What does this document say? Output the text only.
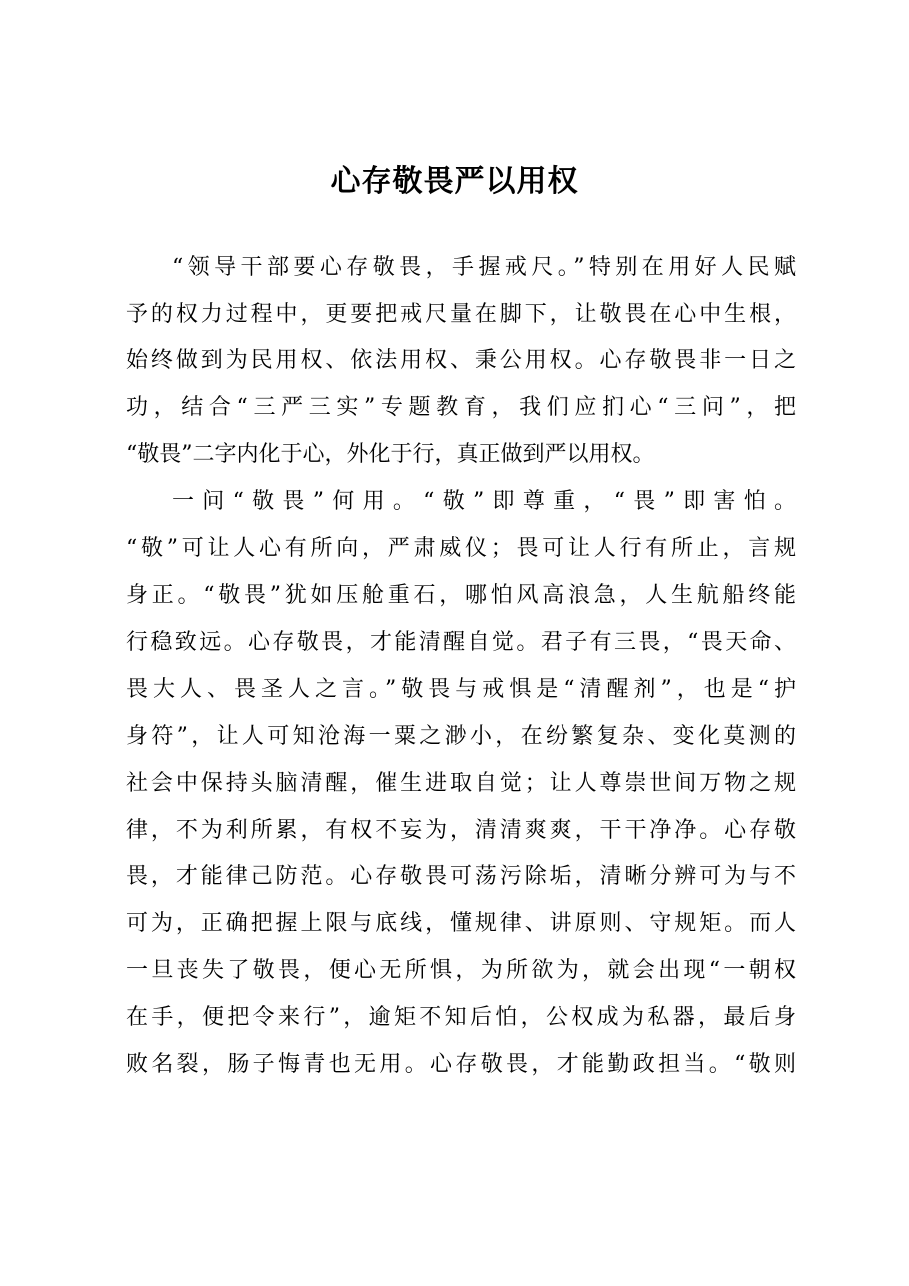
心存敬畏严以用权

“领导干部要心存敬畏，手握戒尺。”特别在用好人民赋

予的权力过程中，更要把戒尺量在脚下，让敬畏在心中生根，

始终做到为民用权、依法用权、秉公用权。心存敬畏非一日之

功，结合“三严三实”专题教育，我们应扪心“三问”，把

“敬畏”二字内化于心，外化于行，真正做到严以用权。

一问“敬畏”何用。“敬”即尊重，“畏”即害怕。

“敬”可让人心有所向，严肃威仪；畏可让人行有所止，言规

身正。“敬畏”犹如压舱重石，哪怕风高浪急，人生航船终能

行稳致远。心存敬畏，才能清醒自觉。君子有三畏，“畏天命、

畏大人、畏圣人之言。”敬畏与戒惧是“清醒剂”，也是“护

身符”，让人可知沧海一粟之渺小，在纷繁复杂、变化莫测的

社会中保持头脑清醒，催生进取自觉；让人尊崇世间万物之规

律，不为利所累，有权不妄为，清清爽爽，干干净净。心存敬

畏，才能律己防范。心存敬畏可荡污除垢，清晰分辨可为与不

可为，正确把握上限与底线，懂规律、讲原则、守规矩。而人

一旦丧失了敬畏，便心无所惧，为所欲为，就会出现“一朝权

在手，便把令来行”，逾矩不知后怕，公权成为私器，最后身

败名裂，肠子悔青也无用。心存敬畏，才能勤政担当。“敬则
